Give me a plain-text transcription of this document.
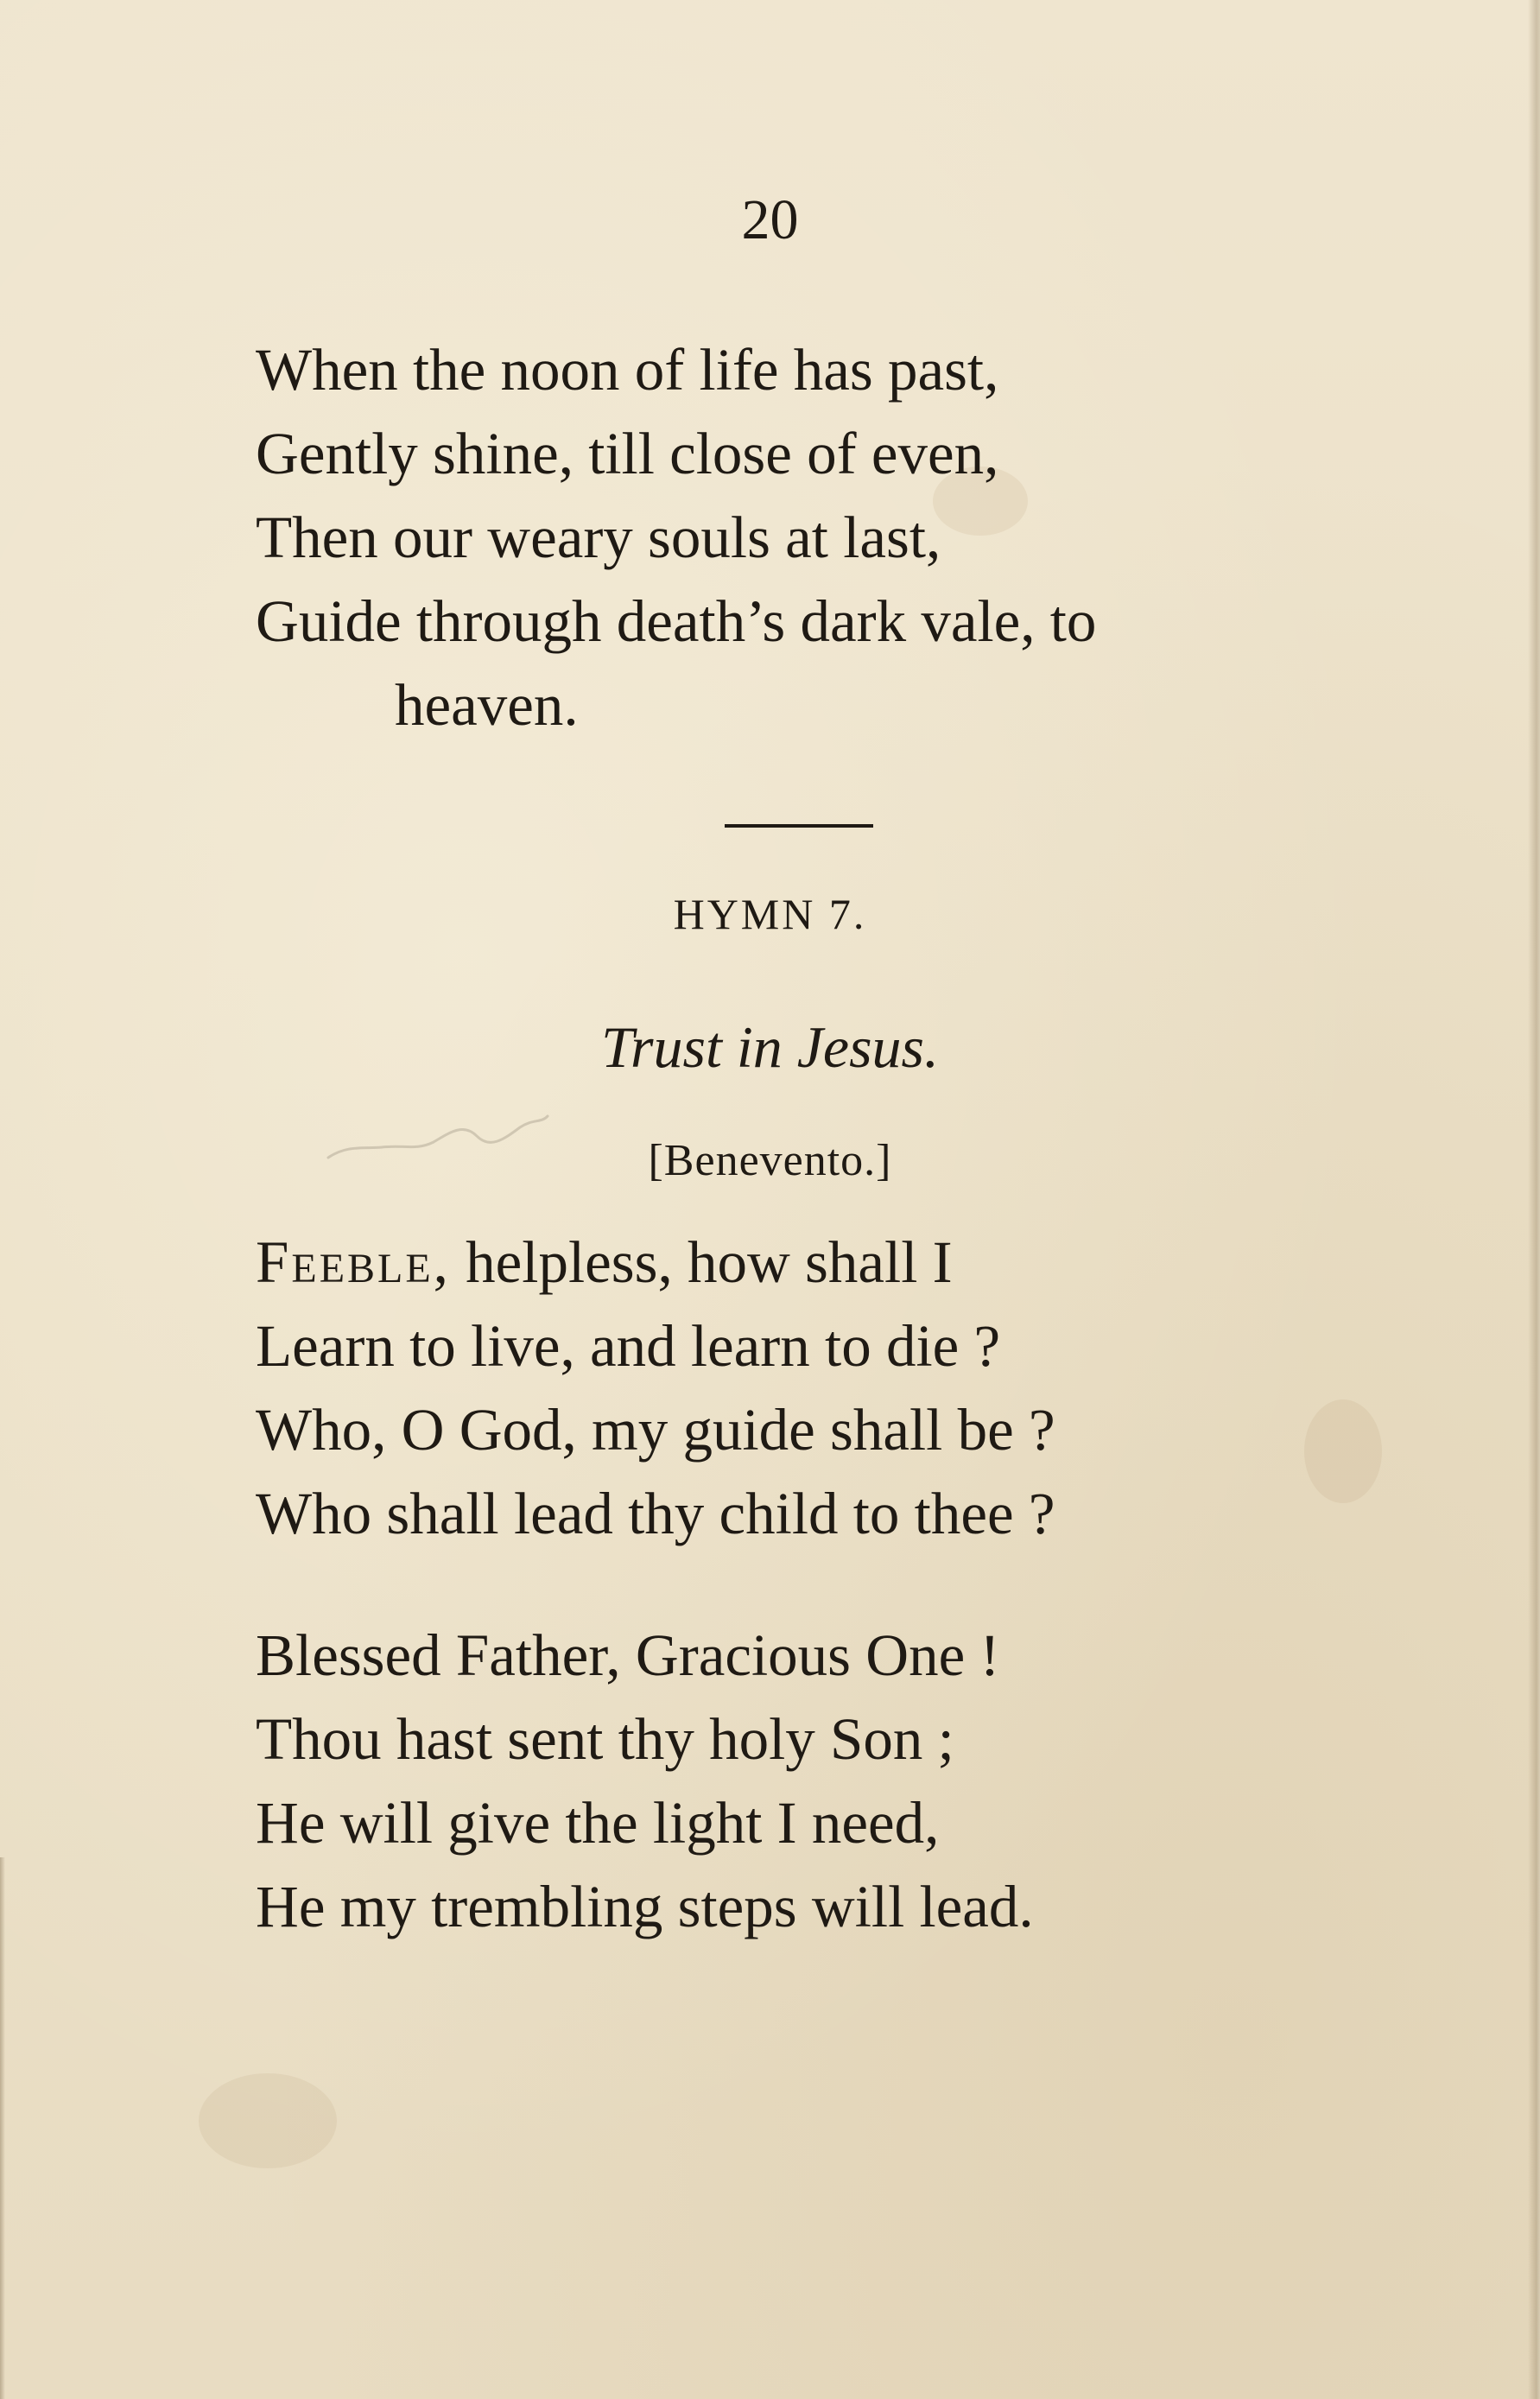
20
When the noon of life has past,
Gently shine, till close of even,
Then our weary souls at last,
Guide through death’s dark vale, to
heaven.
HYMN 7.
Trust in Jesus.
[Benevento.]
Feeble, helpless, how shall I
Learn to live, and learn to die ?
Who, O God, my guide shall be ?
Who shall lead thy child to thee ?
Blessed Father, Gracious One !
Thou hast sent thy holy Son ;
He will give the light I need,
He my trembling steps will lead.
